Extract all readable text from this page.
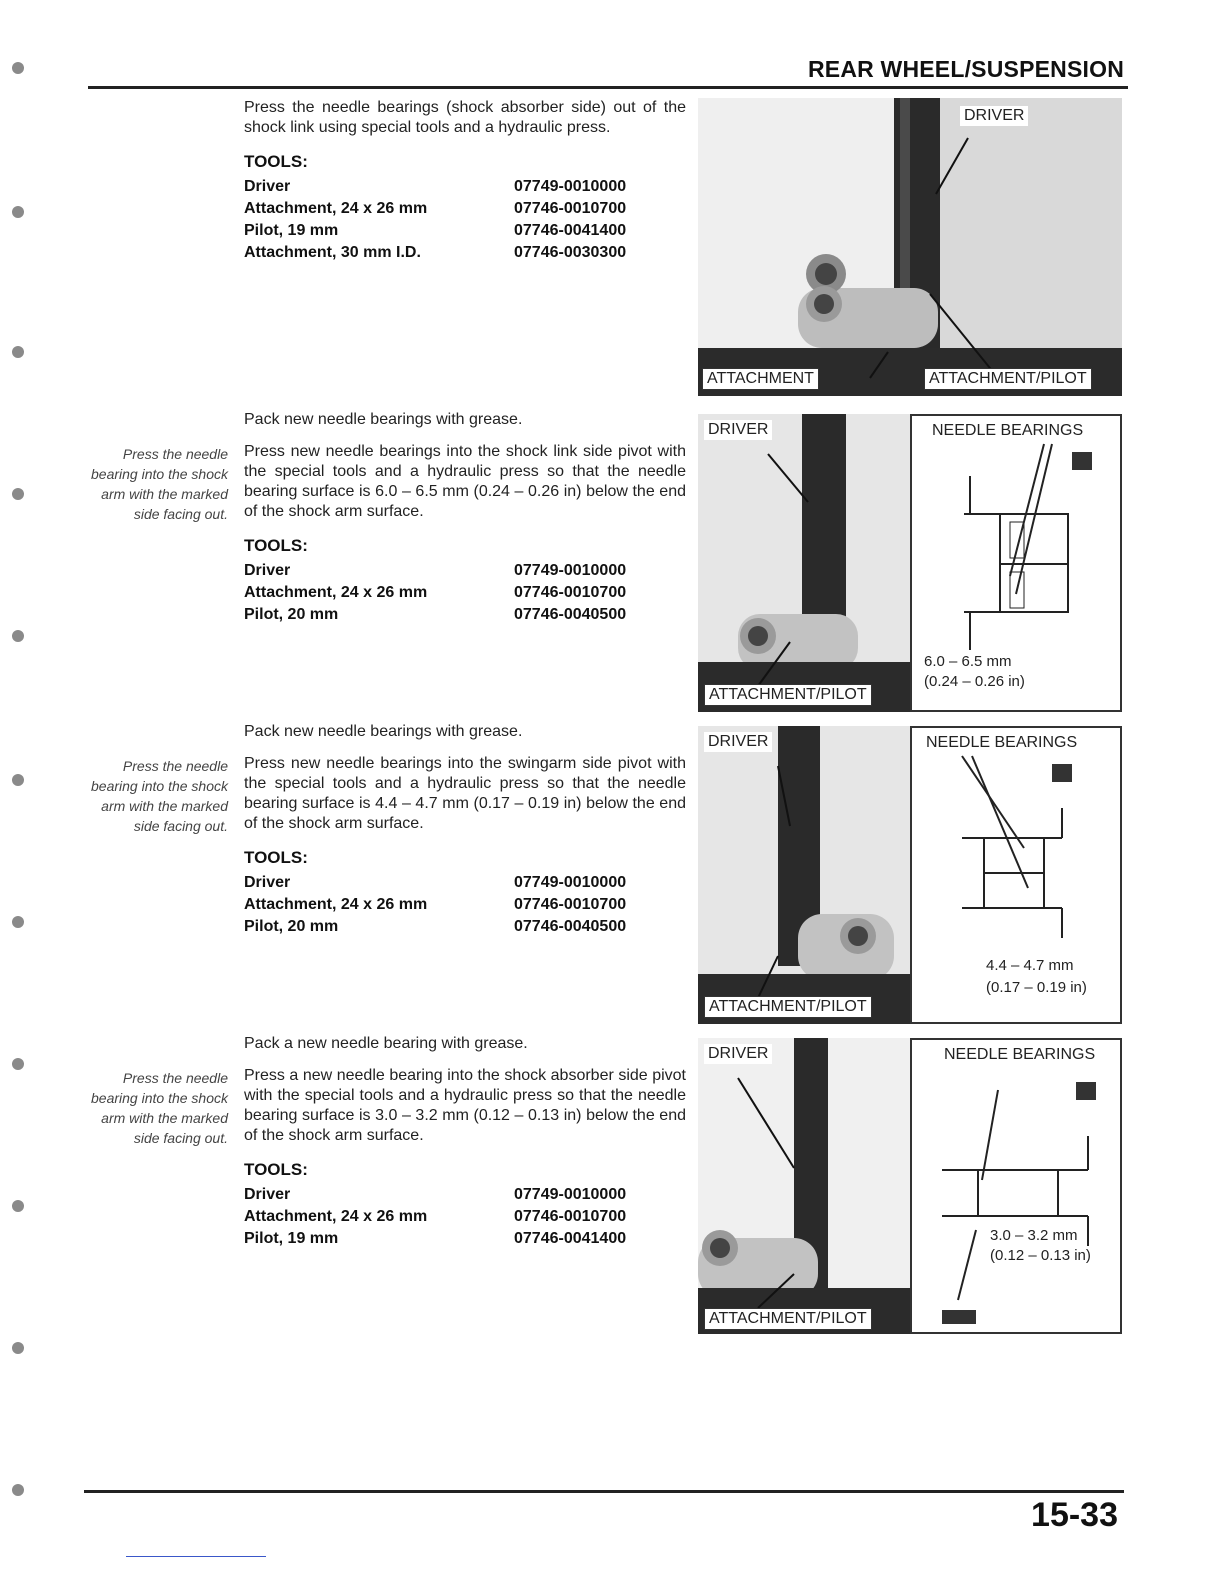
REAR WHEEL/SUSPENSION

Press the needle bearings (shock absorber side) out of the shock link using special tools and a hydraulic press.

TOOLS:
Driver	07749-0010000
Attachment, 24 x 26 mm	07746-0010700
Pilot, 19 mm	07746-0041400
Attachment, 30 mm I.D.	07746-0030300
DRIVER
ATTACHMENT	ATTACHMENT/PILOT
Press the needle bearing into the shock arm with the marked side facing out.

Pack new needle bearings with grease.

Press new needle bearings into the shock link side pivot with the special tools and a hydraulic press so that the needle bearing surface is 6.0 – 6.5 mm (0.24 – 0.26 in) below the end of the shock arm surface.

TOOLS:
Driver	07749-0010000
Attachment, 24 x 26 mm	07746-0010700
Pilot, 20 mm	07746-0040500
DRIVER
ATTACHMENT/PILOT
NEEDLE BEARINGS
6.0 – 6.5 mm
(0.24 – 0.26 in)
Press the needle bearing into the shock arm with the marked side facing out.

Pack new needle bearings with grease.

Press new needle bearings into the swingarm side pivot with the special tools and a hydraulic press so that the needle bearing surface is 4.4 – 4.7 mm (0.17 – 0.19 in) below the end of the shock arm surface.

TOOLS:
Driver	07749-0010000
Attachment, 24 x 26 mm	07746-0010700
Pilot, 20 mm	07746-0040500
DRIVER
ATTACHMENT/PILOT
NEEDLE BEARINGS
4.4 – 4.7 mm
(0.17 – 0.19 in)
Press the needle bearing into the shock arm with the marked side facing out.

Pack a new needle bearing with grease.

Press a new needle bearing into the shock absorber side pivot with the special tools and a hydraulic press so that the needle bearing surface is 3.0 – 3.2 mm (0.12 – 0.13 in) below the end of the shock arm surface.

TOOLS:
Driver	07749-0010000
Attachment, 24 x 26 mm	07746-0010700
Pilot, 19 mm	07746-0041400
DRIVER
ATTACHMENT/PILOT
NEEDLE BEARINGS
3.0 – 3.2 mm
(0.12 – 0.13 in)
15-33
